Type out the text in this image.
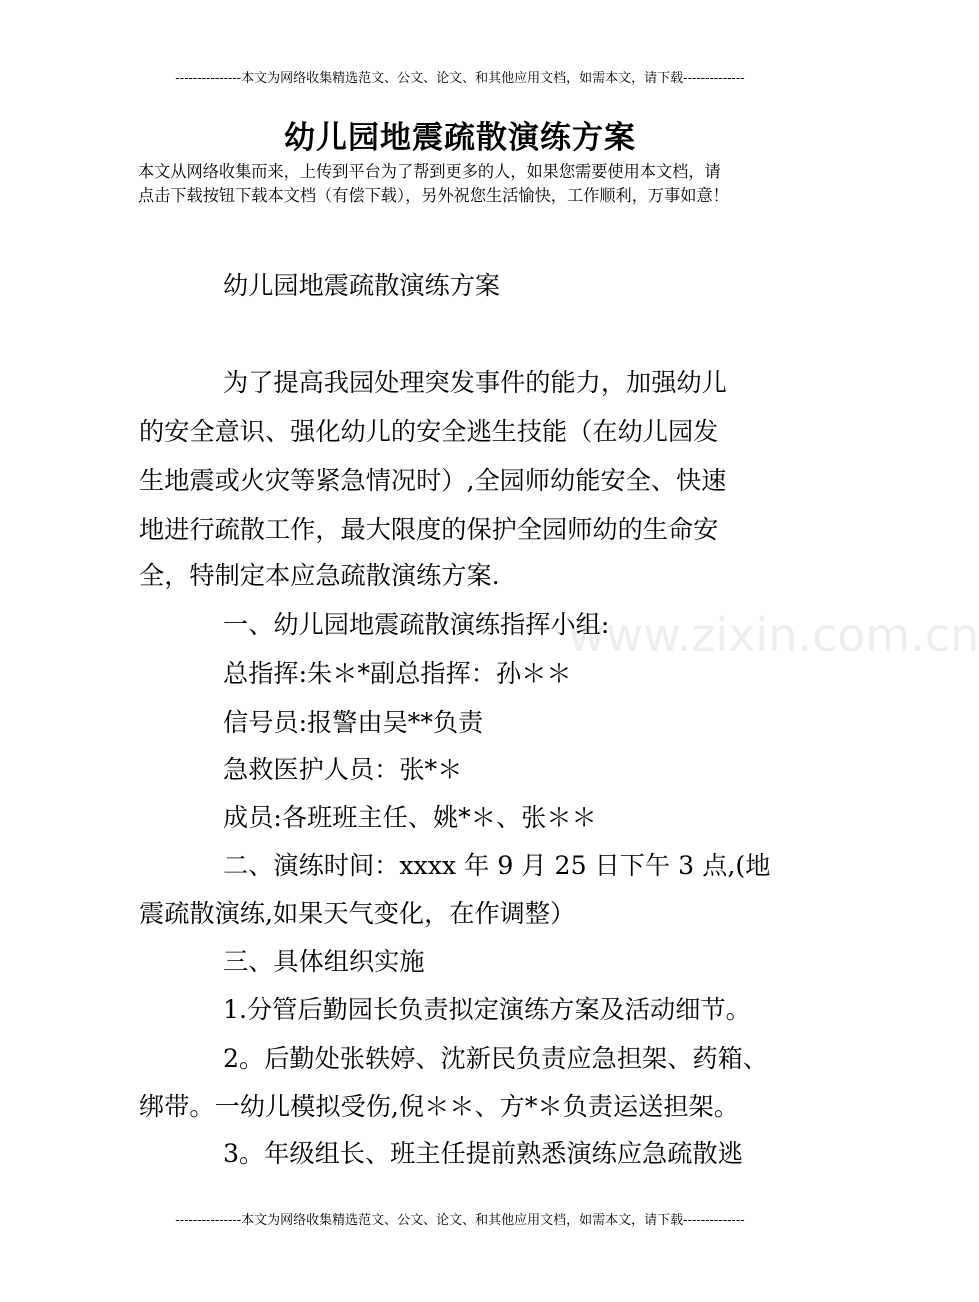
---------------本文为网络收集精选范文、公文、论文、和其他应用文档，如需本文，请下载--------------
幼儿园地震疏散演练方案
本文从网络收集而来，上传到平台为了帮到更多的人，如果您需要使用本文档，请
点击下载按钮下载本文档（有偿下载），另外祝您生活愉快，工作顺利，万事如意！
www.zixin.com.cn
幼儿园地震疏散演练方案
为了提高我园处理突发事件的能力，加强幼儿
的安全意识、强化幼儿的安全逃生技能（在幼儿园发
生地震或火灾等紧急情况时）,全园师幼能安全、快速
地进行疏散工作，最大限度的保护全园师幼的生命安
全，特制定本应急疏散演练方案.
一、幼儿园地震疏散演练指挥小组:
总指挥:朱＊*副总指挥：孙＊＊
信号员:报警由吴**负责
急救医护人员：张*＊
成员:各班班主任、姚*＊、张＊＊
二、演练时间：xxxx 年 9 月 25 日下午 3 点,(地
震疏散演练,如果天气变化，在作调整）
三、具体组织实施
1.分管后勤园长负责拟定演练方案及活动细节。
2。后勤处张轶婷、沈新民负责应急担架、药箱、
绑带。一幼儿模拟受伤,倪＊＊、方*＊负责运送担架。
3。年级组长、班主任提前熟悉演练应急疏散逃
---------------本文为网络收集精选范文、公文、论文、和其他应用文档，如需本文，请下载--------------
